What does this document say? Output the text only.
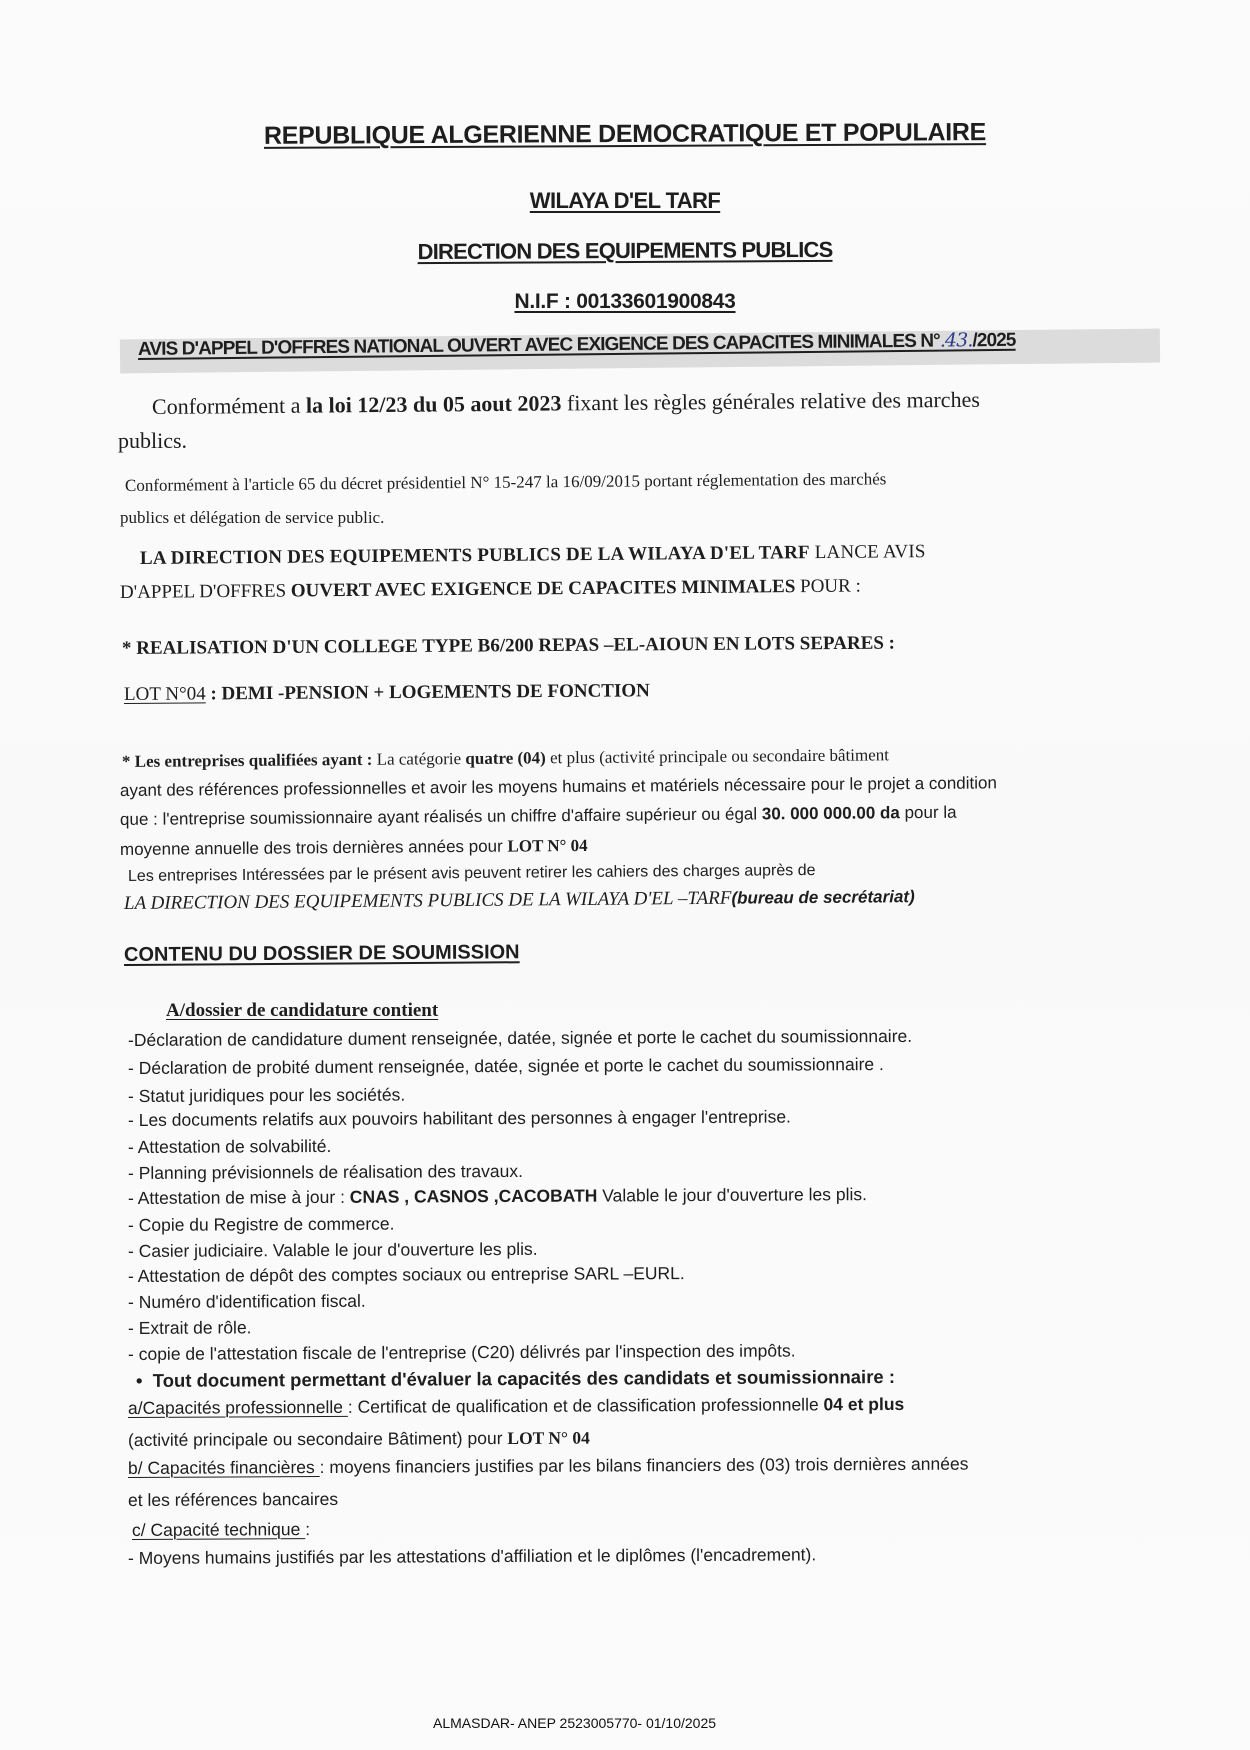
REPUBLIQUE ALGERIENNE DEMOCRATIQUE ET POPULAIRE
WILAYA D'EL TARF
DIRECTION DES EQUIPEMENTS PUBLICS
N.I.F : 00133601900843
AVIS D'APPEL D'OFFRES NATIONAL OUVERT AVEC EXIGENCE DES CAPACITES MINIMALES N°.43./2025
Conformément a la loi 12/23 du 05 aout 2023 fixant les règles générales relative des marches
publics.
Conformément à l'article 65 du décret présidentiel N° 15-247 la 16/09/2015 portant réglementation des marchés
publics et délégation de service public.
LA DIRECTION DES EQUIPEMENTS PUBLICS DE LA WILAYA D'EL TARF LANCE AVIS
D'APPEL D'OFFRES OUVERT AVEC EXIGENCE DE CAPACITES MINIMALES POUR :
* REALISATION D'UN COLLEGE TYPE B6/200 REPAS –EL-AIOUN EN LOTS SEPARES :
LOT N°04 : DEMI -PENSION + LOGEMENTS DE FONCTION
* Les entreprises qualifiées ayant : La catégorie quatre (04) et plus (activité principale ou secondaire bâtiment
ayant des références professionnelles et avoir les moyens humains et matériels nécessaire pour le projet a condition
que : l'entreprise soumissionnaire ayant réalisés un chiffre d'affaire supérieur ou égal 30. 000 000.00 da pour la
moyenne annuelle des trois dernières années pour LOT N° 04
Les entreprises Intéressées par le présent avis peuvent retirer les cahiers des charges auprès de
LA DIRECTION DES EQUIPEMENTS PUBLICS DE LA WILAYA D'EL –TARF(bureau de secrétariat)
CONTENU DU DOSSIER DE SOUMISSION
A/dossier de candidature contient
-Déclaration de candidature dument renseignée, datée, signée et porte le cachet du soumissionnaire.
- Déclaration de probité dument renseignée, datée, signée et porte le cachet du soumissionnaire .
- Statut juridiques pour les sociétés.
- Les documents relatifs aux pouvoirs habilitant des personnes à engager l'entreprise.
- Attestation de solvabilité.
- Planning prévisionnels de réalisation des travaux.
- Attestation de mise à jour : CNAS , CASNOS ,CACOBATH Valable le jour d'ouverture les plis.
- Copie du Registre de commerce.
- Casier judiciaire. Valable le jour d'ouverture les plis.
- Attestation de dépôt des comptes sociaux ou entreprise SARL –EURL.
- Numéro d'identification fiscal.
- Extrait de rôle.
- copie de l'attestation fiscale de l'entreprise (C20) délivrés par l'inspection des impôts.
•  Tout document permettant d'évaluer la capacités des candidats et soumissionnaire :
a/Capacités professionnelle : Certificat de qualification et de classification professionnelle 04 et plus
(activité principale ou secondaire Bâtiment) pour LOT N° 04
b/ Capacités financières : moyens financiers justifies par les bilans financiers des (03) trois dernières années
et les références bancaires
c/ Capacité technique :
- Moyens humains justifiés par les attestations d'affiliation et le diplômes (l'encadrement).
ALMASDAR- ANEP 2523005770- 01/10/2025
